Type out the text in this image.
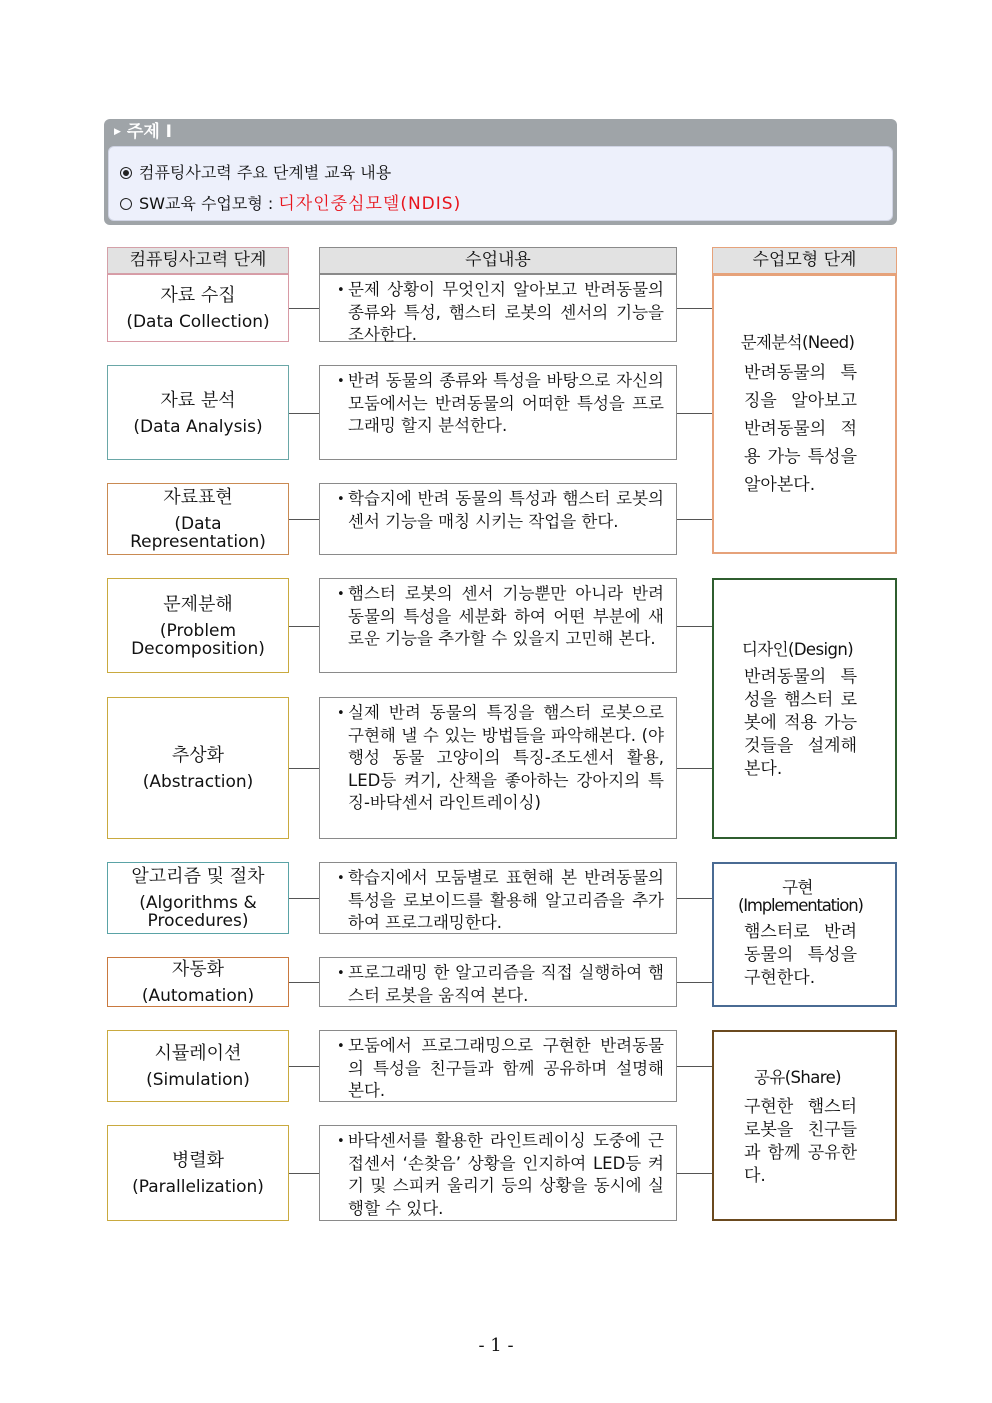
▶ 주제 I
컴퓨팅사고력 주요 단계별 교육 내용
SW교육 수업모형 : 디자인중심모델(NDIS)
컴퓨팅사고력 단계	수업내용	수업모형 단계
자료 수집
(Data Collection)
• 문제 상황이 무엇인지 알아보고 반려동물의 종류와 특성, 햄스터 로봇의 센서의 기능을 조사한다.
자료 분석
(Data Analysis)
• 반려 동물의 종류와 특성을 바탕으로 자신의 모둠에서는 반려동물의 어떠한 특성을 프로그래밍 할지 분석한다.
자료표현
(Data Representation)
• 학습지에 반려 동물의 특성과 햄스터 로봇의 센서 기능을 매칭 시키는 작업을 한다.
문제분해
(Problem Decomposition)
• 햄스터 로봇의 센서 기능뿐만 아니라 반려 동물의 특성을 세분화 하여 어떤 부분에 새로운 기능을 추가할 수 있을지 고민해 본다.
추상화
(Abstraction)
• 실제 반려 동물의 특징을 햄스터 로봇으로 구현해 낼 수 있는 방법들을 파악해본다. (야행성 동물 고양이의 특징-조도센서 활용, LED등 켜기, 산책을 좋아하는 강아지의 특징-바닥센서 라인트레이싱)
알고리즘 및 절차
(Algorithms & Procedures)
• 학습지에서 모둠별로 표현해 본 반려동물의 특성을 로보이드를 활용해 알고리즘을 추가하여 프로그래밍한다.
자동화
(Automation)
• 프로그래밍 한 알고리즘을 직접 실행하여 햄스터 로봇을 움직여 본다.
시뮬레이션
(Simulation)
• 모둠에서 프로그래밍으로 구현한 반려동물의 특성을 친구들과 함께 공유하며 설명해 본다.
병렬화
(Parallelization)
• 바닥센서를 활용한 라인트레이싱 도중에 근접센서 ‘손찾음’ 상황을 인지하여 LED등 켜기 및 스피커 울리기 등의 상황을 동시에 실행할 수 있다.
문제분석(Need)
반려동물의 특징을 알아보고 반려동물의 적용 가능 특성을 알아본다.
디자인(Design)
반려동물의 특성을 햄스터 로봇에 적용 가능 것들을 설계해 본다.
구현
(Implementation)
햄스터로 반려동물의 특성을 구현한다.
공유(Share)
구현한 햄스터 로봇을 친구들과 함께 공유한다.
- 1 -
